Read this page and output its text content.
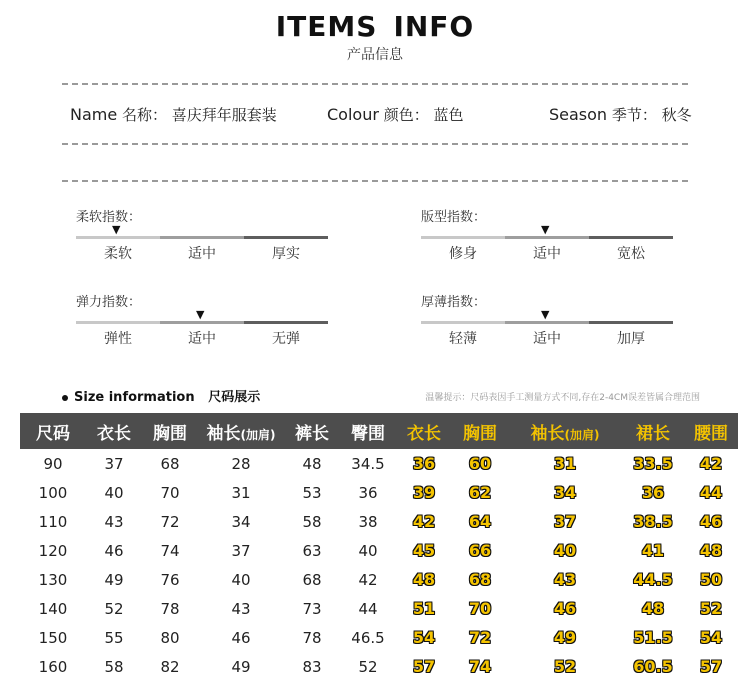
ITEMS INFO
产品信息
Name 名称： 喜庆拜年服套装	Colour 颜色： 蓝色	Season 季节： 秋冬
柔软指数：
▼
柔软	适中	厚实
版型指数：
▼
修身	适中	宽松
弹力指数：
▼
弹性	适中	无弹
厚薄指数：
▼
轻薄	适中	加厚
Size information 尺码展示	温馨提示：尺码表因手工测量方式不同,存在2-4CM误差皆属合理范围
尺码	衣长	胸围	袖长(加肩)	裤长	臀围	衣长	胸围	袖长(加肩)	裙长	腰围
90	37	68	28	48	34.5	36	60	31	33.5	42
100	40	70	31	53	36	39	62	34	36	44
110	43	72	34	58	38	42	64	37	38.5	46
120	46	74	37	63	40	45	66	40	41	48
130	49	76	40	68	42	48	68	43	44.5	50
140	52	78	43	73	44	51	70	46	48	52
150	55	80	46	78	46.5	54	72	49	51.5	54
160	58	82	49	83	52	57	74	52	60.5	57
